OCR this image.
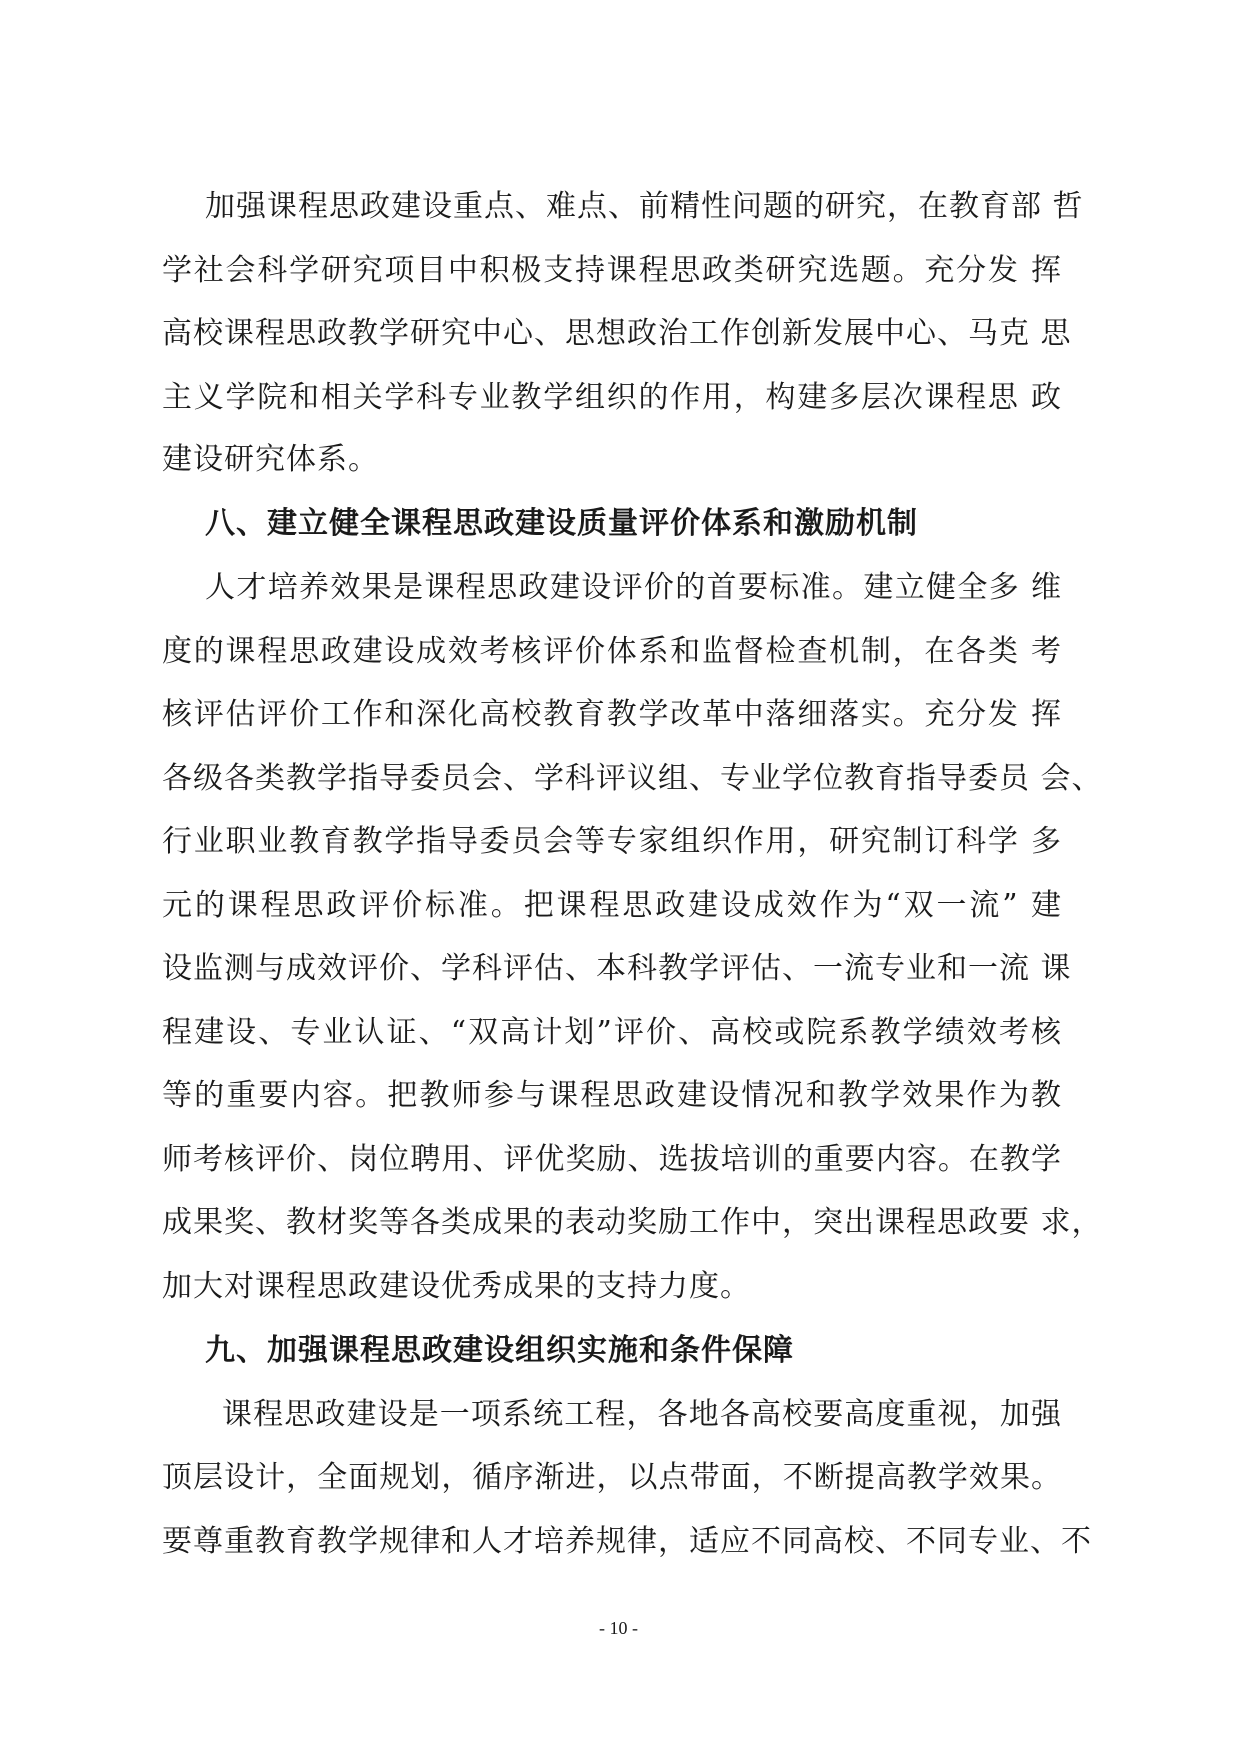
加强课程思政建设重点、难点、前精性问题的研究，在教育部 哲
学社会科学研究项目中积极支持课程思政类研究选题。充分发 挥
高校课程思政教学研究中心、思想政治工作创新发展中心、马克 思
主义学院和相关学科专业教学组织的作用，构建多层次课程思 政
建设研究体系。
八、建立健全课程思政建设质量评价体系和激励机制
人才培养效果是课程思政建设评价的首要标准。建立健全多 维
度的课程思政建设成效考核评价体系和监督检查机制，在各类 考
核评估评价工作和深化高校教育教学改革中落细落实。充分发 挥
各级各类教学指导委员会、学科评议组、专业学位教育指导委员 会、
行业职业教育教学指导委员会等专家组织作用，研究制订科学 多
元的课程思政评价标准。把课程思政建设成效作为“双一流” 建
设监测与成效评价、学科评估、本科教学评估、一流专业和一流 课
程建设、专业认证、“双高计划”评价、高校或院系教学绩效考核
等的重要内容。把教师参与课程思政建设情况和教学效果作为教
师考核评价、岗位聘用、评优奖励、选拔培训的重要内容。在教学
成果奖、教材奖等各类成果的表动奖励工作中，突出课程思政要 求，
加大对课程思政建设优秀成果的支持力度。
九、加强课程思政建设组织实施和条件保障
课程思政建设是一项系统工程，各地各高校要高度重视，加强
顶层设计，全面规划，循序渐进，以点带面，不断提高教学效果。
要尊重教育教学规律和人才培养规律，适应不同高校、不同专业、不
- 10 -
